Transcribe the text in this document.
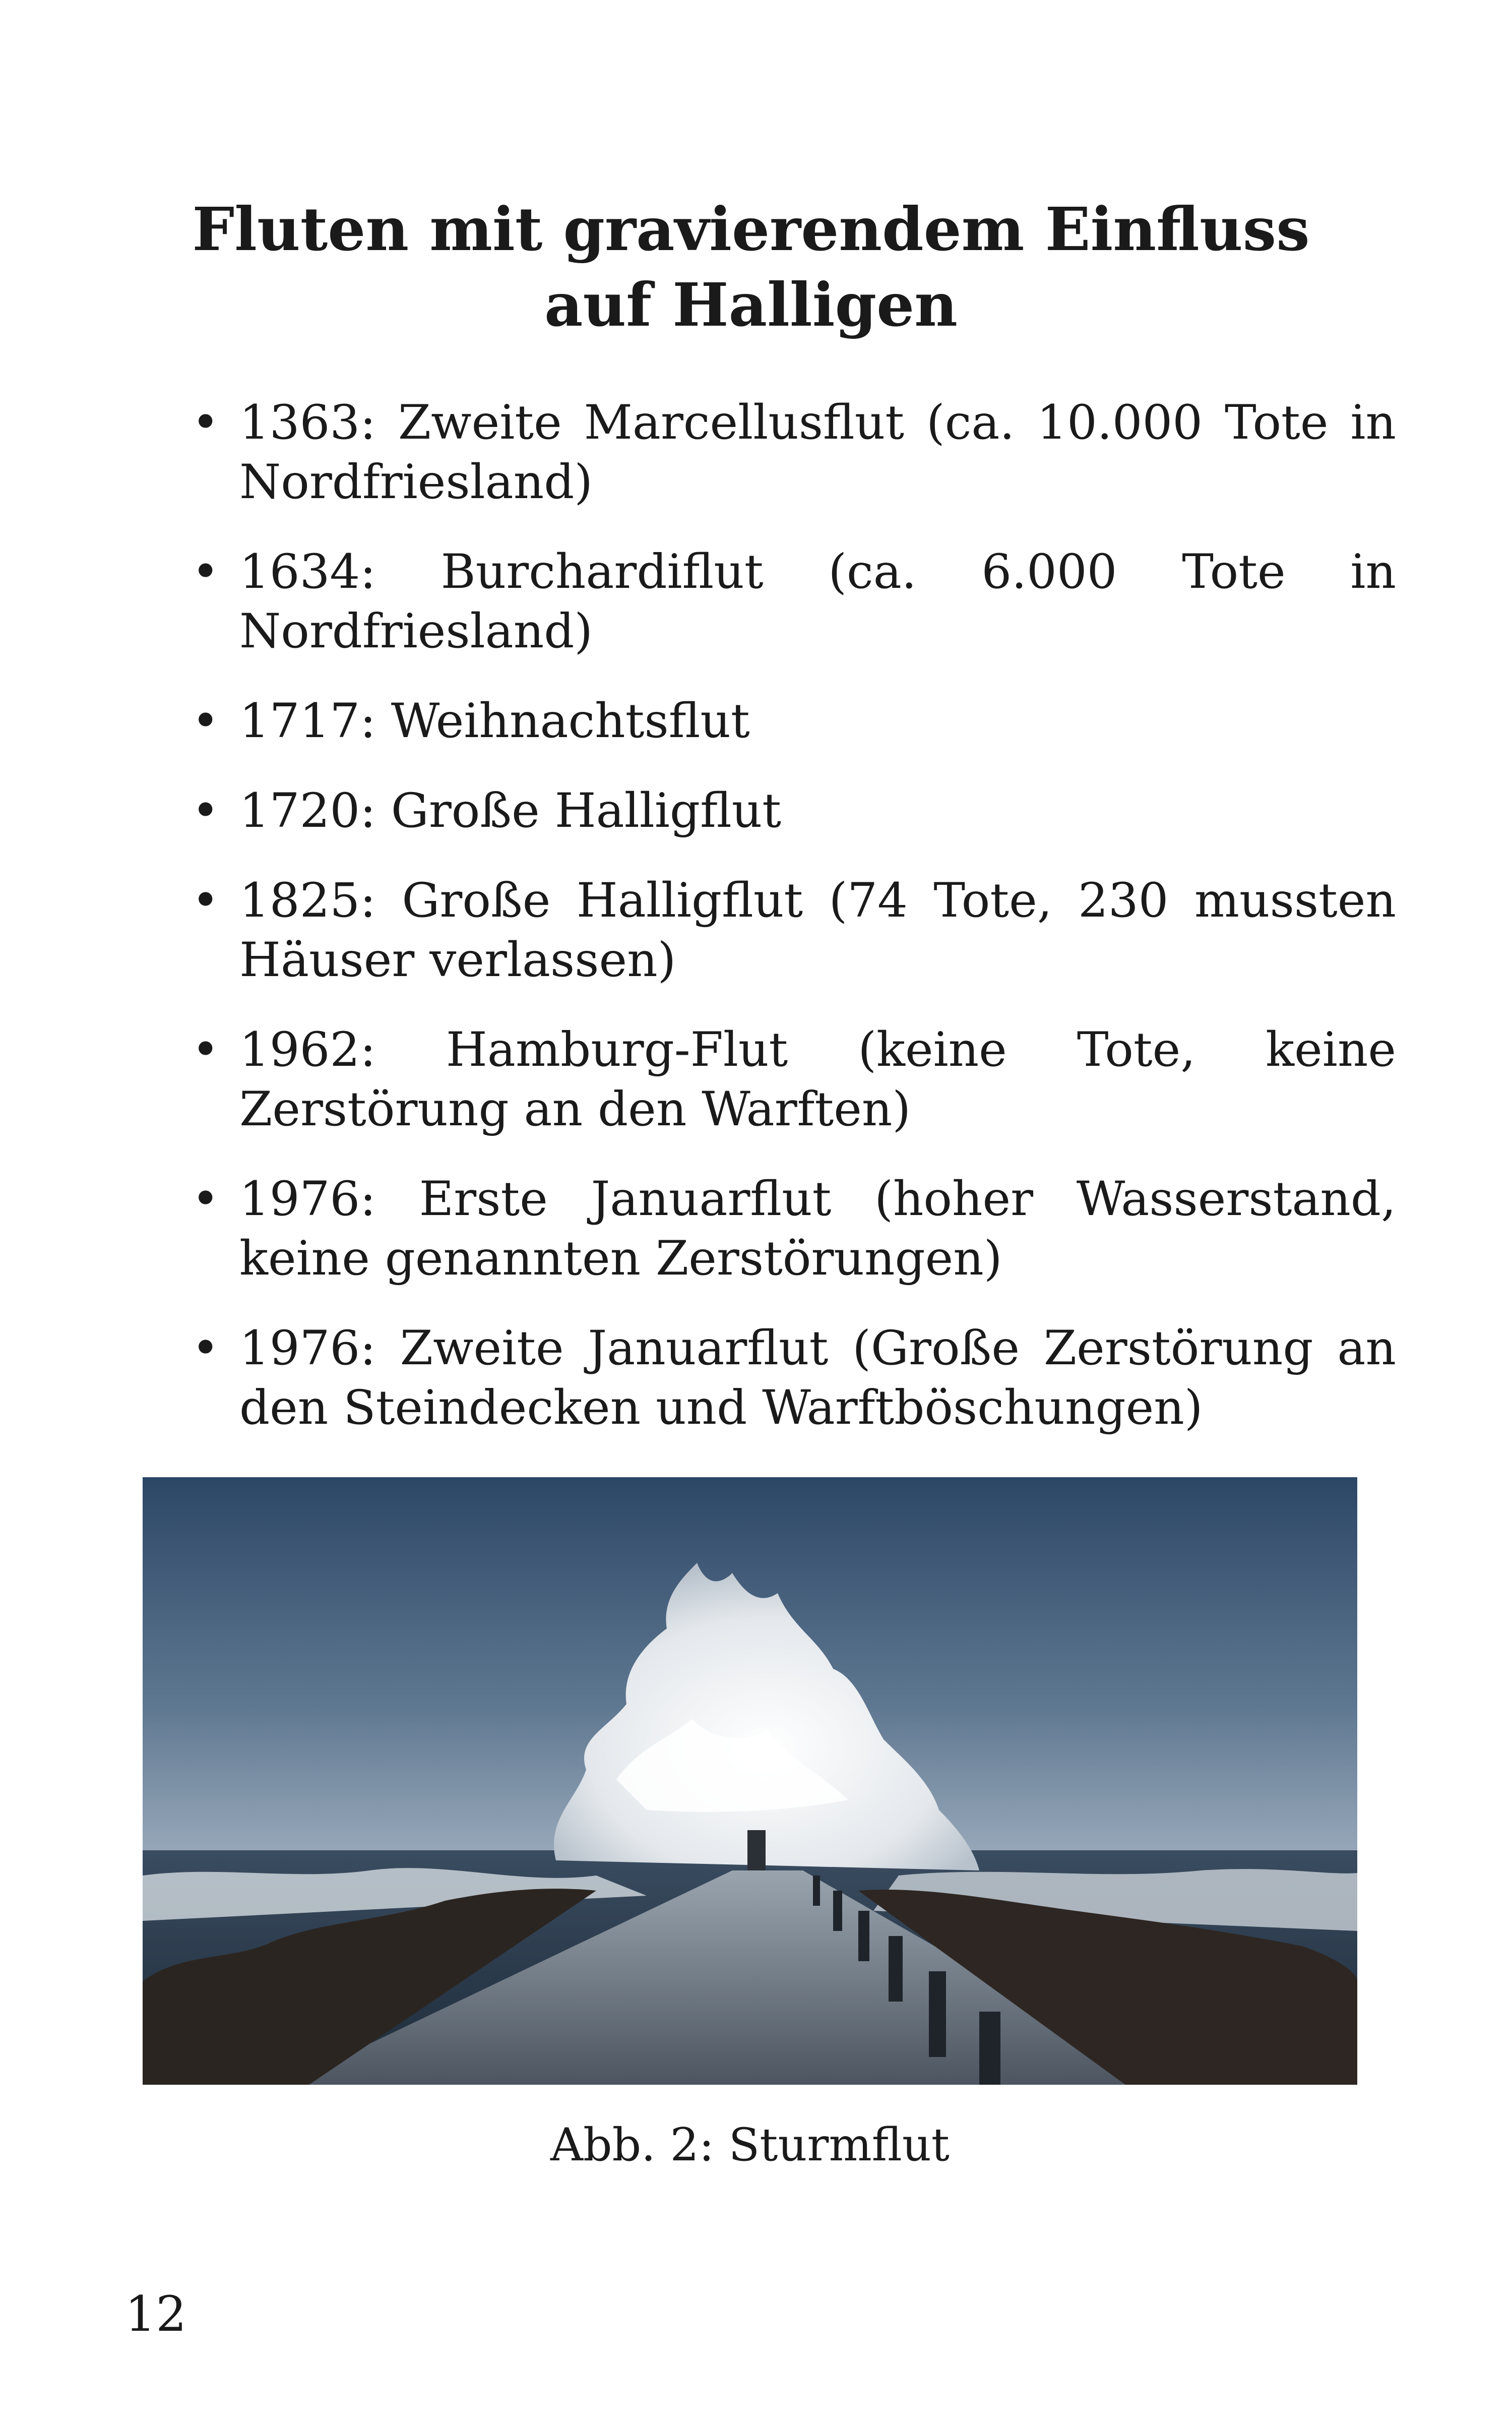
Fluten mit gravierendem Einfluss auf Halligen
• 1363: Zweite Marcellusflut (ca. 10.000 Tote in Nordfriesland)
• 1634: Burchardiflut (ca. 6.000 Tote in Nordfriesland)
• 1717: Weihnachtsflut
• 1720: Große Halligflut
• 1825: Große Halligflut (74 Tote, 230 mussten Häuser verlassen)
• 1962: Hamburg-Flut (keine Tote, keine Zerstörung an den Warften)
• 1976: Erste Januarflut (hoher Wasserstand, keine genannten Zerstörungen)
• 1976: Zweite Januarflut (Große Zerstörung an den Steindecken und Warftböschungen)
Abb. 2: Sturmflut
12
